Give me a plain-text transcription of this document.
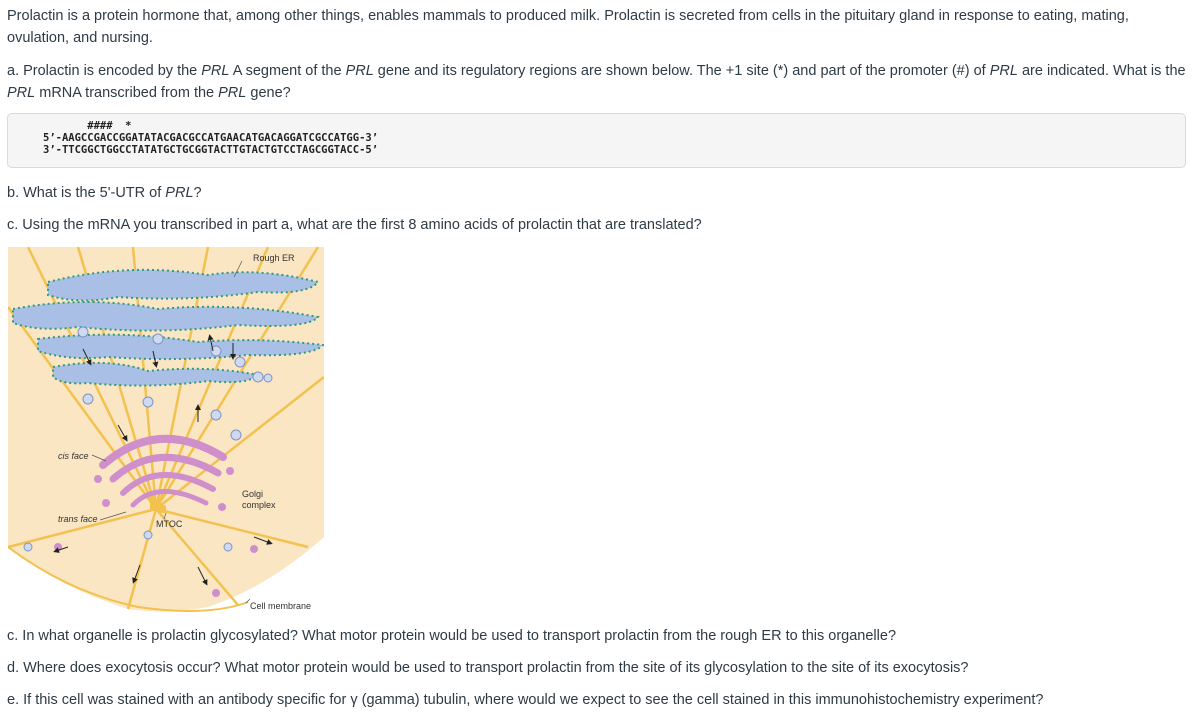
Prolactin is a protein hormone that, among other things, enables mammals to produced milk. Prolactin is secreted from cells in the pituitary gland in response to eating, mating, ovulation, and nursing.

a. Prolactin is encoded by the PRL A segment of the PRL gene and its regulatory regions are shown below. The +1 site (*) and part of the promoter (#) of PRL are indicated. What is the PRL mRNA transcribed from the PRL gene?

####  *
5’-AAGCCGACCGGATATACGACGCCATGAACATGACAGGATCGCCATGG-3’
3’-TTCGGCTGGCCTATATGCTGCGGTACTTGTACTGTCCTAGCGGTACC-5’

b. What is the 5'-UTR of PRL?

c. Using the mRNA you transcribed in part a, what are the first 8 amino acids of prolactin that are translated?

Rough ER
cis face
Golgi
complex
trans face	MTOC
Cell membrane

c. In what organelle is prolactin glycosylated? What motor protein would be used to transport prolactin from the rough ER to this organelle?

d. Where does exocytosis occur? What motor protein would be used to transport prolactin from the site of its glycosylation to the site of its exocytosis?

e. If this cell was stained with an antibody specific for γ (gamma) tubulin, where would we expect to see the cell stained in this immunohistochemistry experiment?
